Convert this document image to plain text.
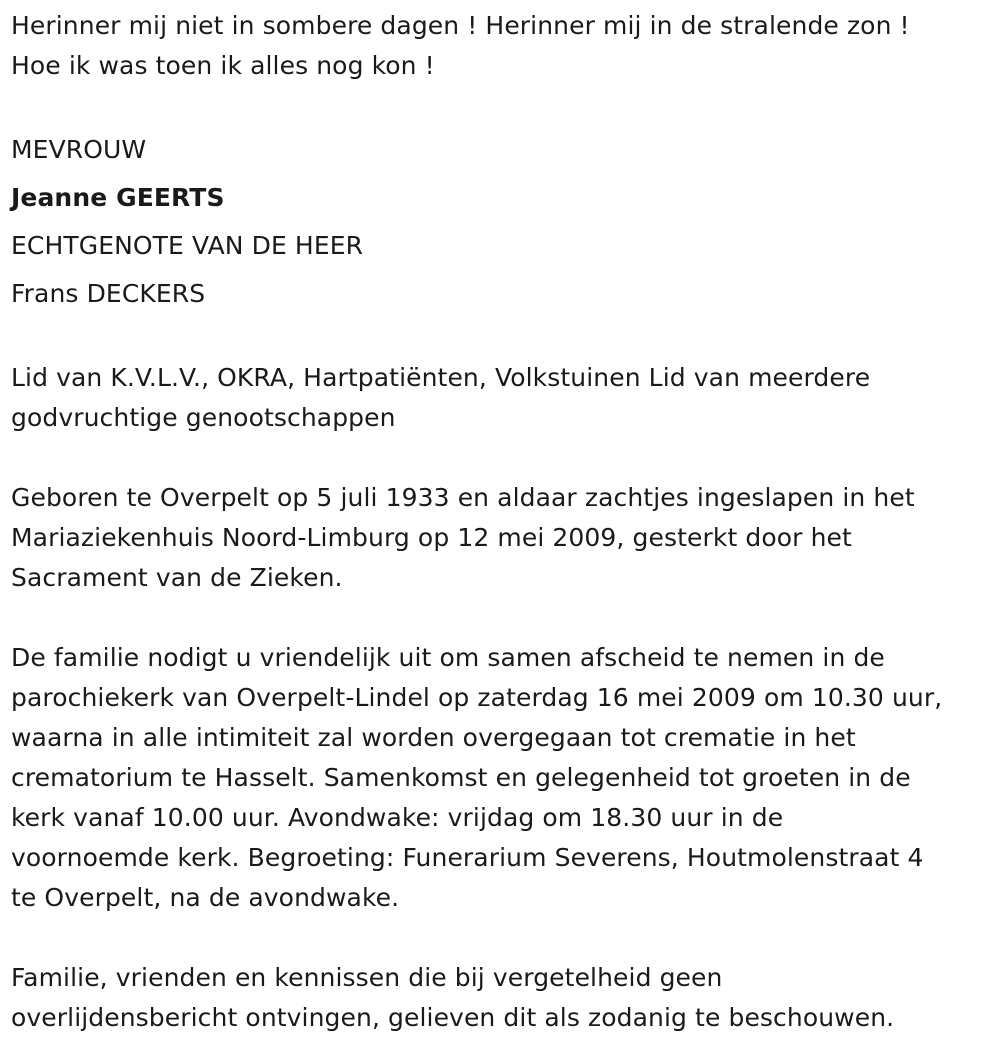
Herinner mij niet in sombere dagen ! Herinner mij in de stralende zon !
Hoe ik was toen ik alles nog kon !
MEVROUW
Jeanne GEERTS
ECHTGENOTE VAN DE HEER
Frans DECKERS
Lid van K.V.L.V., OKRA, Hartpatiënten, Volkstuinen Lid van meerdere
godvruchtige genootschappen
Geboren te Overpelt op 5 juli 1933 en aldaar zachtjes ingeslapen in het
Mariaziekenhuis Noord-Limburg op 12 mei 2009, gesterkt door het
Sacrament van de Zieken.
De familie nodigt u vriendelijk uit om samen afscheid te nemen in de
parochiekerk van Overpelt-Lindel op zaterdag 16 mei 2009 om 10.30 uur,
waarna in alle intimiteit zal worden overgegaan tot crematie in het
crematorium te Hasselt. Samenkomst en gelegenheid tot groeten in de
kerk vanaf 10.00 uur. Avondwake: vrijdag om 18.30 uur in de
voornoemde kerk. Begroeting: Funerarium Severens, Houtmolenstraat 4
te Overpelt, na de avondwake.
Familie, vrienden en kennissen die bij vergetelheid geen
overlijdensbericht ontvingen, gelieven dit als zodanig te beschouwen.
